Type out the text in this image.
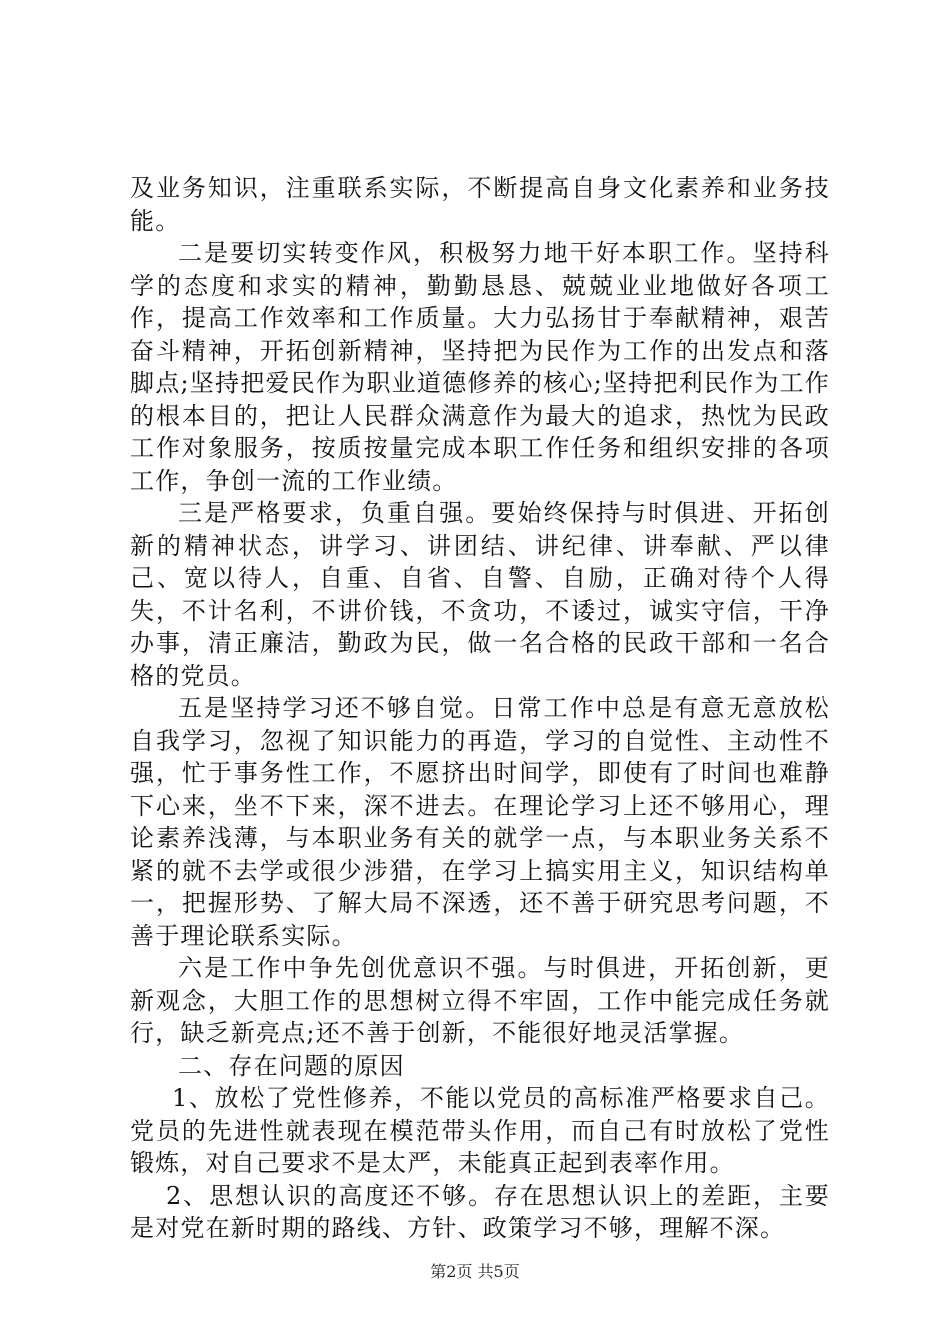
及业务知识，注重联系实际，不断提高自身文化素养和业务技能。

二是要切实转变作风，积极努力地干好本职工作。坚持科学的态度和求实的精神，勤勤恳恳、兢兢业业地做好各项工作，提高工作效率和工作质量。大力弘扬甘于奉献精神，艰苦奋斗精神，开拓创新精神，坚持把为民作为工作的出发点和落脚点;坚持把爱民作为职业道德修养的核心;坚持把利民作为工作的根本目的，把让人民群众满意作为最大的追求，热忱为民政工作对象服务，按质按量完成本职工作任务和组织安排的各项工作，争创一流的工作业绩。

三是严格要求，负重自强。要始终保持与时俱进、开拓创新的精神状态，讲学习、讲团结、讲纪律、讲奉献、严以律己、宽以待人，自重、自省、自警、自励，正确对待个人得失，不计名利，不讲价钱，不贪功，不诿过，诚实守信，干净办事，清正廉洁，勤政为民，做一名合格的民政干部和一名合格的党员。

五是坚持学习还不够自觉。日常工作中总是有意无意放松自我学习，忽视了知识能力的再造，学习的自觉性、主动性不强，忙于事务性工作，不愿挤出时间学，即使有了时间也难静下心来，坐不下来，深不进去。在理论学习上还不够用心，理论素养浅薄，与本职业务有关的就学一点，与本职业务关系不紧的就不去学或很少涉猎，在学习上搞实用主义，知识结构单一，把握形势、了解大局不深透，还不善于研究思考问题，不善于理论联系实际。

六是工作中争先创优意识不强。与时俱进，开拓创新，更新观念，大胆工作的思想树立得不牢固，工作中能完成任务就行，缺乏新亮点;还不善于创新，不能很好地灵活掌握。

二、存在问题的原因

1、放松了党性修养，不能以党员的高标准严格要求自己。党员的先进性就表现在模范带头作用，而自己有时放松了党性锻炼，对自己要求不是太严，未能真正起到表率作用。

2、思想认识的高度还不够。存在思想认识上的差距，主要是对党在新时期的路线、方针、政策学习不够，理解不深。

第2页 共5页
